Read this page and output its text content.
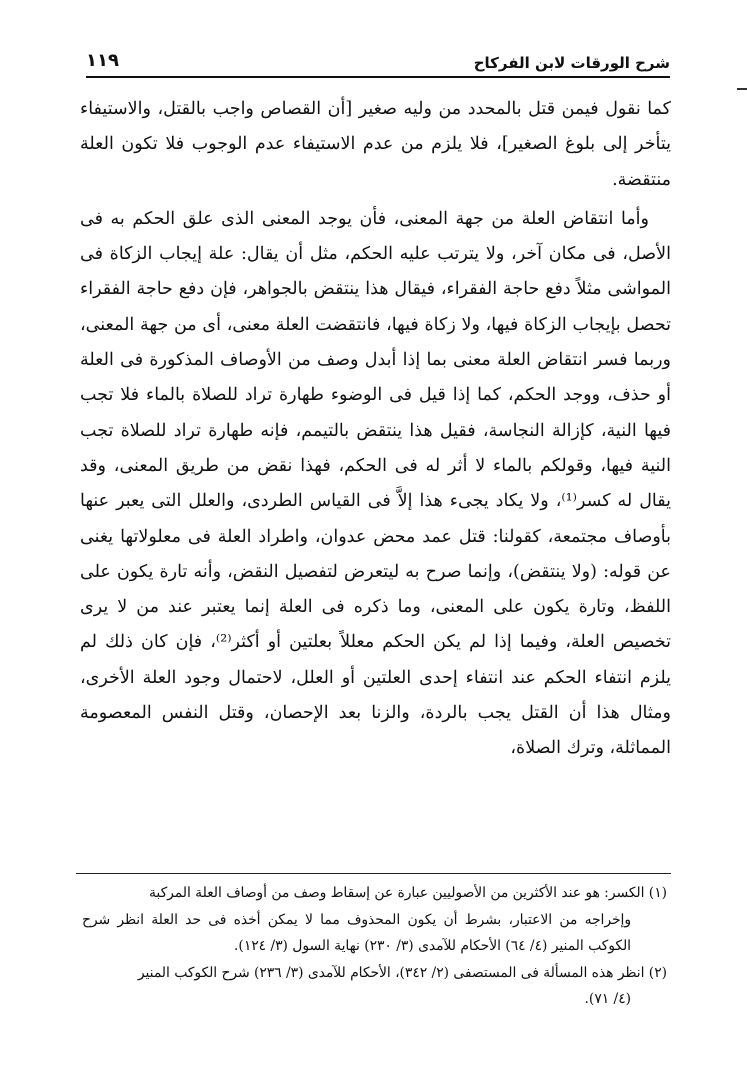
شرح الورقات لابن الفركاح
١١٩

كما نقول فيمن قتل بالمحدد من وليه صغير [أن القصاص واجب بالقتل، والاستيفاء يتأخر إلى بلوغ الصغير]، فلا يلزم من عدم الاستيفاء عدم الوجوب فلا تكون العلة منتقضة.

وأما انتقاض العلة من جهة المعنى، فأن يوجد المعنى الذى علق الحكم به فى الأصل، فى مكان آخر، ولا يترتب عليه الحكم، مثل أن يقال: علة إيجاب الزكاة فى المواشى مثلاً دفع حاجة الفقراء، فيقال هذا ينتقض بالجواهر، فإن دفع حاجة الفقراء تحصل بإيجاب الزكاة فيها، ولا زكاة فيها، فانتقضت العلة معنى، أى من جهة المعنى، وربما فسر انتقاض العلة معنى بما إذا أبدل وصف من الأوصاف المذكورة فى العلة أو حذف، ووجد الحكم، كما إذا قيل فى الوضوء طهارة تراد للصلاة بالماء فلا تجب فيها النية، كإزالة النجاسة، فقيل هذا ينتقض بالتيمم، فإنه طهارة تراد للصلاة تجب النية فيها، وقولكم بالماء لا أثر له فى الحكم، فهذا نقض من طريق المعنى، وقد يقال له كسر⁽¹⁾، ولا يكاد يجىء هذا إلاَّ فى القياس الطردى، والعلل التى يعبر عنها بأوصاف مجتمعة، كقولنا: قتل عمد محض عدوان، واطراد العلة فى معلولاتها يغنى عن قوله: (ولا ينتقض)، وإنما صرح به ليتعرض لتفصيل النقض، وأنه تارة يكون على اللفظ، وتارة يكون على المعنى، وما ذكره فى العلة إنما يعتبر عند من لا يرى تخصيص العلة، وفيما إذا لم يكن الحكم معللاً بعلتين أو أكثر⁽²⁾، فإن كان ذلك لم يلزم انتفاء الحكم عند انتفاء إحدى العلتين أو العلل، لاحتمال وجود العلة الأخرى، ومثال هذا أن القتل يجب بالردة، والزنا بعد الإحصان، وقتل النفس المعصومة المماثلة، وترك الصلاة،

(١) الكسر: هو عند الأكثرين من الأصوليين عبارة عن إسقاط وصف من أوصاف العلة المركبة

وإخراجه من الاعتبار، بشرط أن يكون المحذوف مما لا يمكن أخذه فى حد العلة انظر شرح الكوكب المنير (٤/ ٦٤) الأحكام للآمدى (٣/ ٢٣٠) نهاية السول (٣/ ١٢٤).

(٢) انظر هذه المسألة فى المستصفى (٢/ ٣٤٢)، الأحكام للآمدى (٣/ ٢٣٦) شرح الكوكب المنير

(٤/ ٧١).
